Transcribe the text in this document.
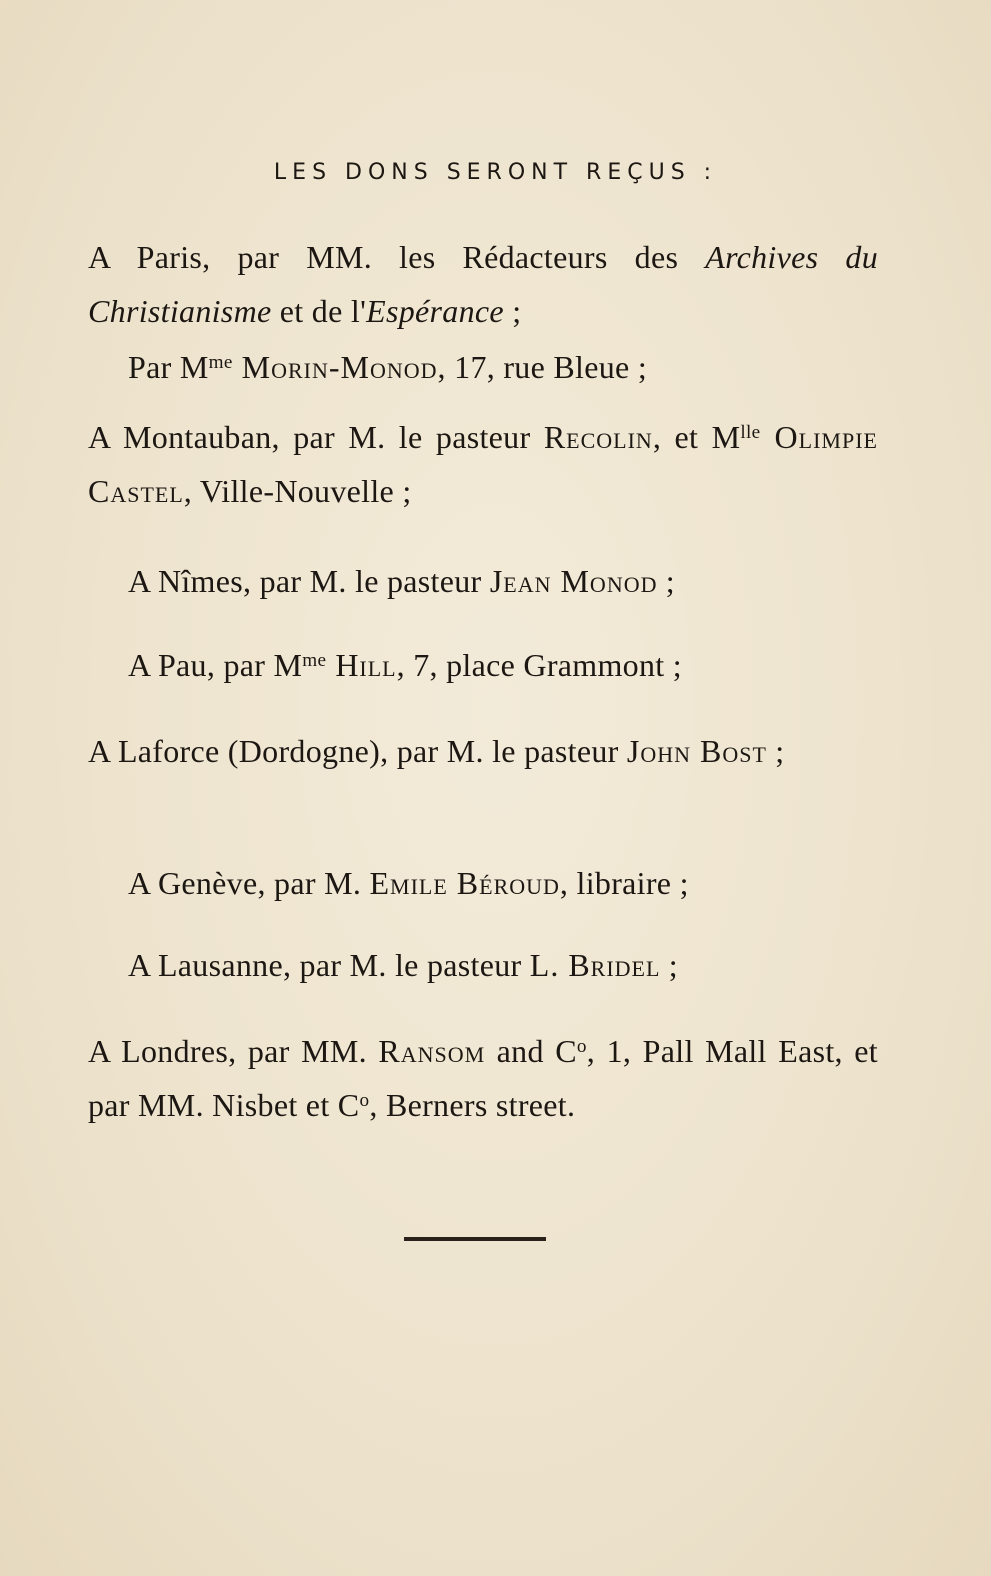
LES DONS SERONT REÇUS :

A Paris, par MM. les Rédacteurs des Archives du Christianisme et de l'Espérance ;

Par $M^{me}$ Morin-Monod, 17, rue Bleue ;

A Montauban, par M. le pasteur Recolin, et $M^{lle}$ Olimpie Castel, Ville-Nouvelle ;

A Nîmes, par M. le pasteur Jean Monod ;

A Pau, par $M^{me}$ Hill, 7, place Grammont ;

A Laforce (Dordogne), par M. le pasteur John Bost ;

A Genève, par M. Emile Béroud, libraire ;

A Lausanne, par M. le pasteur L. Bridel ;

A Londres, par MM. Ransom and $C^o$, 1, Pall Mall East, et par MM. Nisbet et $C^o$, Berners street.
